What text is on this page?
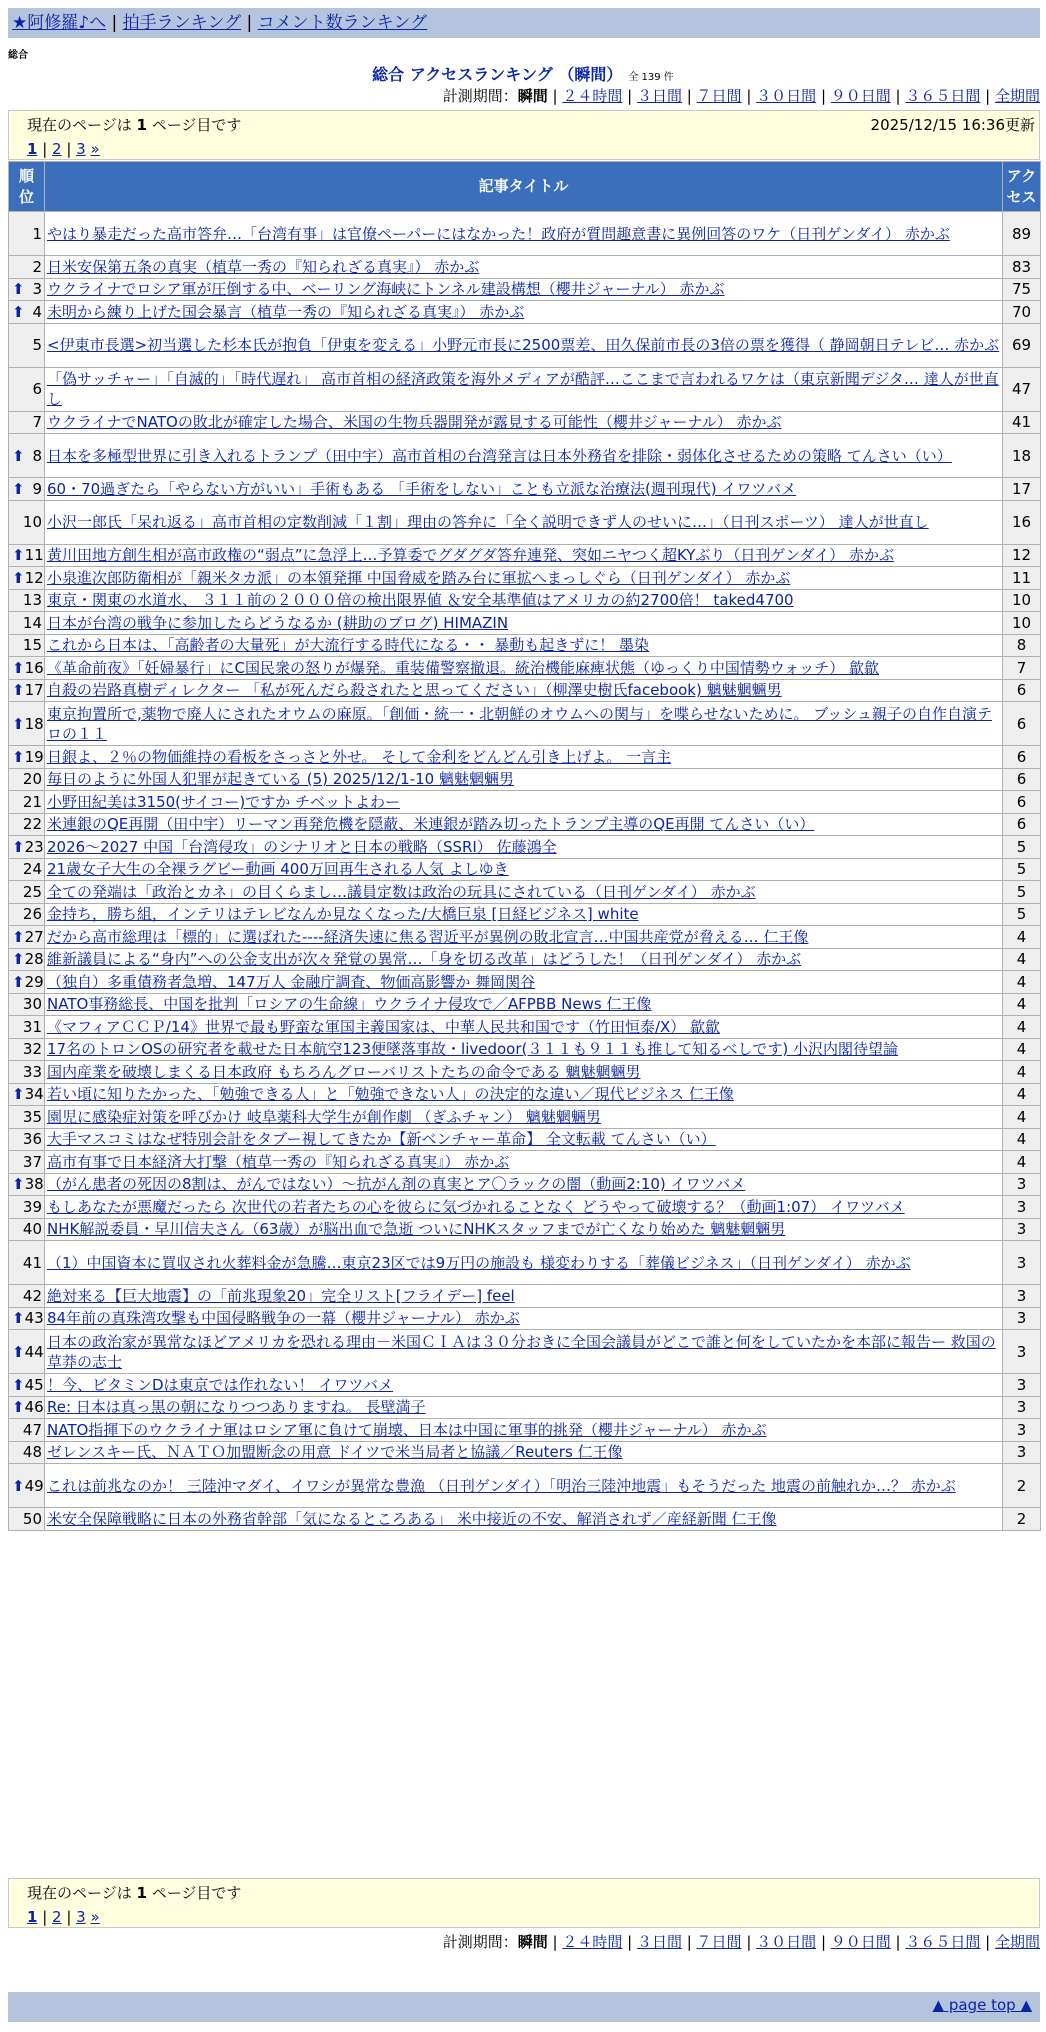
★阿修羅♪へ | 拍手ランキング | コメント数ランキング
総合
総合 アクセスランキング （瞬間） 全 139 件
計測期間：瞬間 | ２４時間 | ３日間 | ７日間 | ３０日間 | ９０日間 | ３６５日間 | 全期間
現在のページは 1 ページ目です	2025/12/15 16:36更新
1 | 2 | 3 »
順位	記事タイトル	アクセス
1	やはり暴走だった高市答弁…「台湾有事」は官僚ペーパーにはなかった！政府が質問趣意書に異例回答のワケ（日刊ゲンダイ） 赤かぶ	89
2	日米安保第五条の真実（植草一秀の『知られざる真実』） 赤かぶ	83

⬆ 3	ウクライナでロシア軍が圧倒する中、ベーリング海峡にトンネル建設構想（櫻井ジャーナル） 赤かぶ	75

⬆ 4	未明から練り上げた国会暴言（植草一秀の『知られざる真実』） 赤かぶ	70
5	<伊東市長選>初当選した杉本氏が抱負「伊東を変える」小野元市長に2500票差、田久保前市長の3倍の票を獲得（ 静岡朝日テレビ… 赤かぶ	69
6	「偽サッチャー」「自滅的」「時代遅れ」 高市首相の経済政策を海外メディアが酷評…ここまで言われるワケは（東京新聞デジタ… 達人が世直し	47
7	ウクライナでNATOの敗北が確定した場合、米国の生物兵器開発が露見する可能性（櫻井ジャーナル） 赤かぶ	41

⬆ 8	日本を多極型世界に引き入れるトランプ（田中宇）高市首相の台湾発言は日本外務省を排除・弱体化させるための策略 てんさい（い）	18

⬆ 9	60・70過ぎたら「やらない方がいい」手術もある 「手術をしない」ことも立派な治療法(週刊現代) イワツバメ	17
10	小沢一郎氏「呆れ返る」高市首相の定数削減「１割」理由の答弁に「全く説明できず人のせいに…」（日刊スポーツ） 達人が世直し	16

⬆ 11	黄川田地方創生相が高市政権の“弱点”に急浮上…予算委でグダグダ答弁連発、突如ニヤつく超KYぶり（日刊ゲンダイ） 赤かぶ	12

⬆ 12	小泉進次郎防衛相が「親米タカ派」の本領発揮 中国脅威を踏み台に軍拡へまっしぐら（日刊ゲンダイ） 赤かぶ	11
13	東京・関東の水道水、 ３１１前の２０００倍の検出限界値 ＆安全基準値はアメリカの約2700倍！ taked4700	10
14	日本が台湾の戦争に参加したらどうなるか (耕助のブログ) HIMAZIN	10
15	これから日本は、「高齢者の大量死」が大流行する時代になる・・ 暴動も起きずに！ 墨染	8

⬆ 16	《革命前夜》「妊婦暴行」にC国民衆の怒りが爆発。重装備警察撤退。統治機能麻痺状態（ゆっくり中国情勢ウォッチ） 歙歙	7

⬆ 17	自殺の岩路真樹ディレクター 「私が死んだら殺されたと思ってください」（柳澤史樹氏facebook) 魑魅魍魎男	6

⬆ 18	東京拘置所で,薬物で廃人にされたオウムの麻原。「創価・統一・北朝鮮のオウムへの関与」を喋らせないために。 ブッシュ親子の自作自演テロの１１	6

⬆ 19	日銀よ、２％の物価維持の看板をさっさと外せ。 そして金利をどんどん引き上げよ。 一言主	6
20	毎日のように外国人犯罪が起きている (5) 2025/12/1-10 魑魅魍魎男	6
21	小野田紀美は3150(サイコー)ですか チベットよわー	6
22	米連銀のQE再開（田中宇）リーマン再発危機を隠蔽、米連銀が踏み切ったトランプ主導のQE再開 てんさい（い）	6

⬆ 23	2026～2027 中国「台湾侵攻」のシナリオと日本の戦略（SSRI） 佐藤鴻全	5
24	21歳女子大生の全裸ラグビー動画 400万回再生される人気 よしゆき	5
25	全ての発端は「政治とカネ」の目くらまし…議員定数は政治の玩具にされている（日刊ゲンダイ） 赤かぶ	5
26	金持ち，勝ち組，インテリはテレビなんか見なくなった/大橋巨泉 [日経ビジネス] white	5

⬆ 27	だから高市総理は「標的」に選ばれた‐‐‐‐経済失速に焦る習近平が異例の敗北宣言…中国共産党が脅える… 仁王像	4

⬆ 28	維新議員による“身内”への公金支出が次々発覚の異常…「身を切る改革」はどうした！（日刊ゲンダイ） 赤かぶ	4

⬆ 29	（独自）多重債務者急増、147万人 金融庁調査、物価高影響か 舞岡関谷	4
30	NATO事務総長、中国を批判「ロシアの生命線」ウクライナ侵攻で／AFPBB News 仁王像	4
31	《マフィアＣＣＰ/14》世界で最も野蛮な軍国主義国家は、中華人民共和国です（竹田恒泰/X） 歙歙	4
32	17名のトロンOSの研究者を載せた日本航空123便墜落事故・livedoor(３１１も９１１も推して知るべしです) 小沢内閣待望論	4
33	国内産業を破壊しまくる日本政府 もちろんグローバリストたちの命令である 魑魅魍魎男	4

⬆ 34	若い頃に知りたかった、「勉強できる人」と「勉強できない人」の決定的な違い／現代ビジネス 仁王像	4
35	園児に感染症対策を呼びかけ 岐阜薬科大学生が創作劇 （ぎふチャン） 魑魅魍魎男	4
36	大手マスコミはなぜ特別会計をタブー視してきたか【新ベンチャー革命】 全文転載 てんさい（い）	4
37	高市有事で日本経済大打撃（植草一秀の『知られざる真実』） 赤かぶ	4

⬆ 38	（がん患者の死因の8割は、がんではない）～抗がん剤の真実とア〇ラックの闇（動画2:10) イワツバメ	3
39	もしあなたが悪魔だったら 次世代の若者たちの心を彼らに気づかれることなく どうやって破壊する？（動画1:07） イワツバメ	3
40	NHK解説委員・早川信夫さん（63歳）が脳出血で急逝 ついにNHKスタッフまでが亡くなり始めた 魑魅魍魎男	3
41	（1）中国資本に買収され火葬料金が急騰…東京23区では9万円の施設も 様変わりする「葬儀ビジネス」（日刊ゲンダイ） 赤かぶ	3
42	絶対来る【巨大地震】の「前兆現象20」完全リスト[フライデー] feel	3

⬆ 43	84年前の真珠湾攻撃も中国侵略戦争の一幕（櫻井ジャーナル） 赤かぶ	3

⬆ 44	日本の政治家が異常なほどアメリカを恐れる理由－米国ＣＩＡは３０分おきに全国会議員がどこで誰と何をしていたかを本部に報告ー 救国の草莽の志士	3

⬆ 45	！今、ビタミンDは東京では作れない！ イワツバメ	3

⬆ 46	Re: 日本は真っ黒の朝になりつつありますね。 長壁満子	3
47	NATO指揮下のウクライナ軍はロシア軍に負けて崩壊、日本は中国に軍事的挑発（櫻井ジャーナル） 赤かぶ	3
48	ゼレンスキー氏、ＮＡＴＯ加盟断念の用意 ドイツで米当局者と協議／Reuters 仁王像	3

⬆ 49	これは前兆なのか！ 三陸沖マダイ、イワシが異常な豊漁 （日刊ゲンダイ）「明治三陸沖地震」もそうだった 地震の前触れか…？ 赤かぶ	2
50	米安全保障戦略に日本の外務省幹部「気になるところある」 米中接近の不安、解消されず／産経新聞 仁王像	2
現在のページは 1 ページ目です
1 | 2 | 3 »
計測期間：瞬間 | ２４時間 | ３日間 | ７日間 | ３０日間 | ９０日間 | ３６５日間 | 全期間
▲ page top ▲
